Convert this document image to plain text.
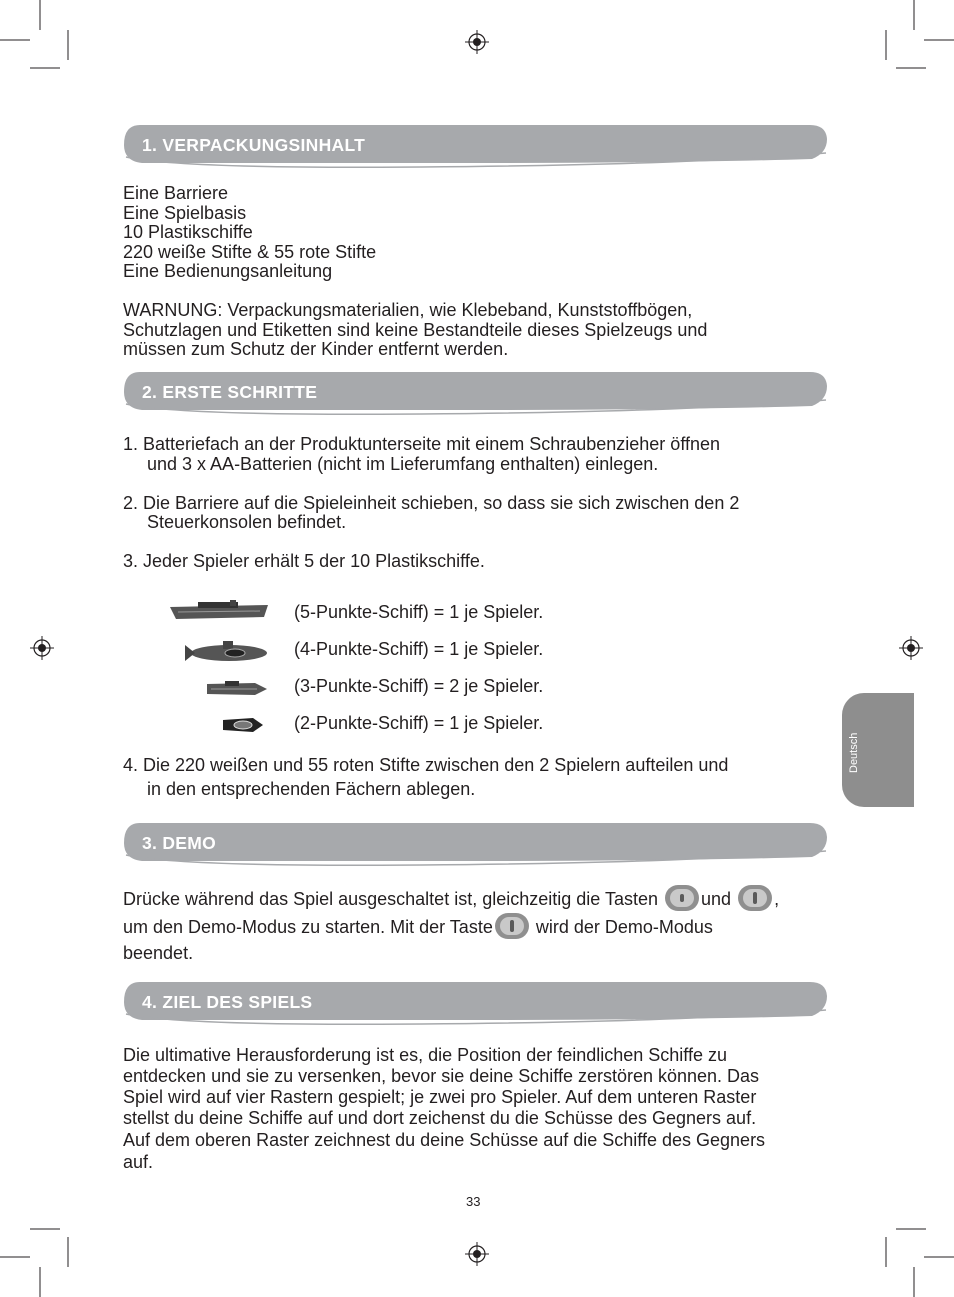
1. VERPACKUNGSINHALT
Eine Barriere
Eine Spielbasis
10 Plastikschiffe
220 weiße Stifte & 55 rote Stifte
Eine Bedienungsanleitung
WARNUNG: Verpackungsmaterialien, wie Klebeband, Kunststoffbögen,
Schutzlagen und Etiketten sind keine Bestandteile dieses Spielzeugs und
müssen zum Schutz der Kinder entfernt werden.
2. ERSTE SCHRITTE
1. Batteriefach an der Produktunterseite mit einem Schraubenzieher öffnen
und 3 x AA-Batterien (nicht im Lieferumfang enthalten) einlegen.
2. Die Barriere auf die Spieleinheit schieben, so dass sie sich zwischen den 2
Steuerkonsolen befindet.
3. Jeder Spieler erhält 5 der 10 Plastikschiffe.
(5-Punkte-Schiff) = 1 je Spieler.
(4-Punkte-Schiff) = 1 je Spieler.
(3-Punkte-Schiff) = 2 je Spieler.
(2-Punkte-Schiff) = 1 je Spieler.
4. Die 220 weißen und 55 roten Stifte zwischen den 2 Spielern aufteilen und
in den entsprechenden Fächern ablegen.
3. DEMO
Drücke während das Spiel ausgeschaltet ist, gleichzeitig die Tasten und ,
um den Demo-Modus zu starten. Mit der Taste wird der Demo-Modus
beendet.
4. ZIEL DES SPIELS
Die ultimative Herausforderung ist es, die Position der feindlichen Schiffe zu
entdecken und sie zu versenken, bevor sie deine Schiffe zerstören können. Das
Spiel wird auf vier Rastern gespielt; je zwei pro Spieler. Auf dem unteren Raster
stellst du deine Schiffe auf und dort zeichenst du die Schüsse des Gegners auf.
Auf dem oberen Raster zeichnest du deine Schüsse auf die Schiffe des Gegners
auf.
Deutsch
33
